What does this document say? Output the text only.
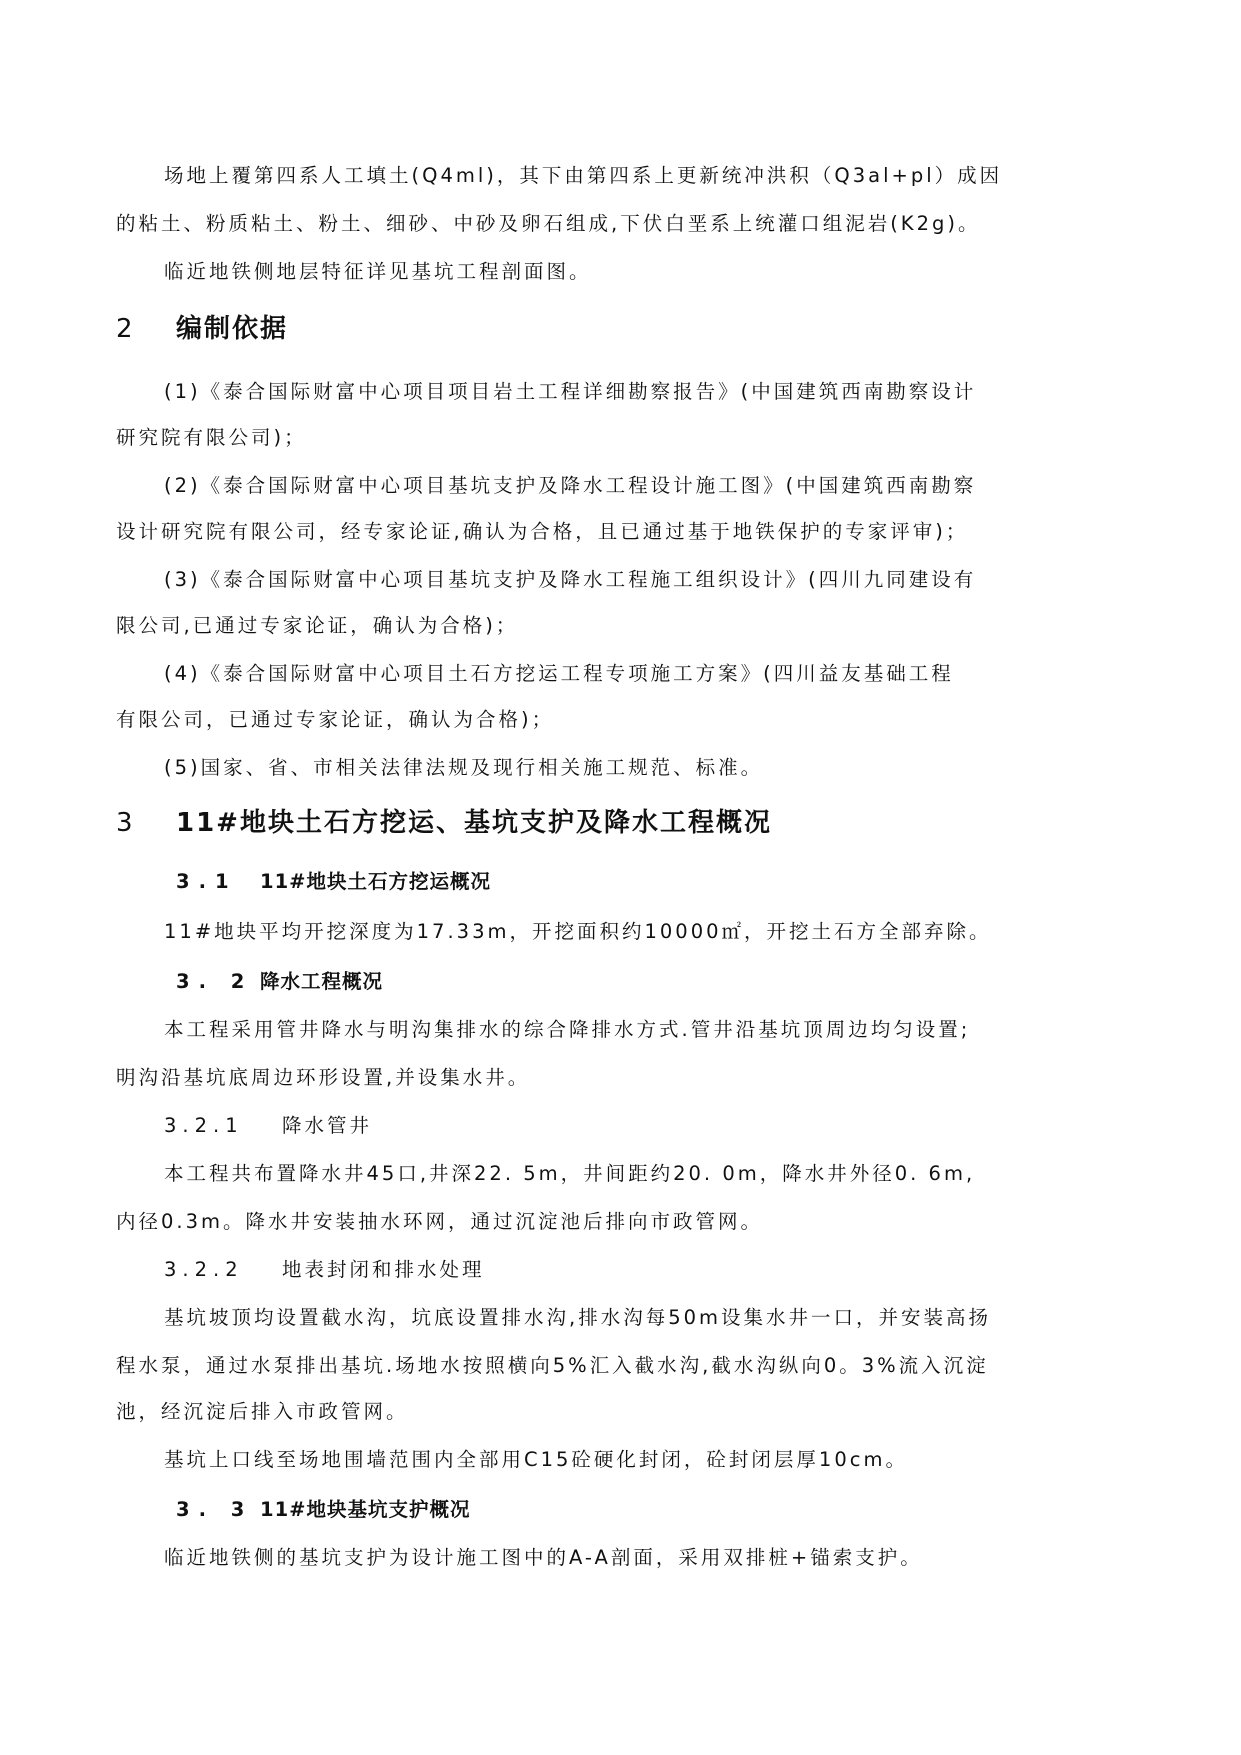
场地上覆第四系人工填土(Q4ml)，其下由第四系上更新统冲洪积（Q3al+pl）成因
的粘土、粉质粘土、粉土、细砂、中砂及卵石组成,下伏白垩系上统灌口组泥岩(K2g)。
临近地铁侧地层特征详见基坑工程剖面图。
2 编制依据
(1)《泰合国际财富中心项目项目岩土工程详细勘察报告》(中国建筑西南勘察设计
研究院有限公司)；
(2)《泰合国际财富中心项目基坑支护及降水工程设计施工图》(中国建筑西南勘察
设计研究院有限公司，经专家论证,确认为合格，且已通过基于地铁保护的专家评审)；
(3)《泰合国际财富中心项目基坑支护及降水工程施工组织设计》(四川九同建设有
限公司,已通过专家论证，确认为合格)；
(4)《泰合国际财富中心项目土石方挖运工程专项施工方案》(四川益友基础工程
有限公司，已通过专家论证，确认为合格)；
(5)国家、省、市相关法律法规及现行相关施工规范、标准。
3 11#地块土石方挖运、基坑支护及降水工程概况
3.1 11#地块土石方挖运概况
11#地块平均开挖深度为17.33m，开挖面积约10000㎡，开挖土石方全部弃除。
3. 2 降水工程概况
本工程采用管井降水与明沟集排水的综合降排水方式.管井沿基坑顶周边均匀设置;
明沟沿基坑底周边环形设置,并设集水井。
3.2.1 降水管井
本工程共布置降水井45口,井深22. 5m，井间距约20. 0m，降水井外径0. 6m,
内径0.3m。降水井安装抽水环网，通过沉淀池后排向市政管网。
3.2.2 地表封闭和排水处理
基坑坡顶均设置截水沟，坑底设置排水沟,排水沟每50m设集水井一口，并安装高扬
程水泵，通过水泵排出基坑.场地水按照横向5%汇入截水沟,截水沟纵向0。3%流入沉淀
池，经沉淀后排入市政管网。
基坑上口线至场地围墙范围内全部用C15砼硬化封闭，砼封闭层厚10cm。
3. 3 11#地块基坑支护概况
临近地铁侧的基坑支护为设计施工图中的A-A剖面，采用双排桩+锚索支护。
